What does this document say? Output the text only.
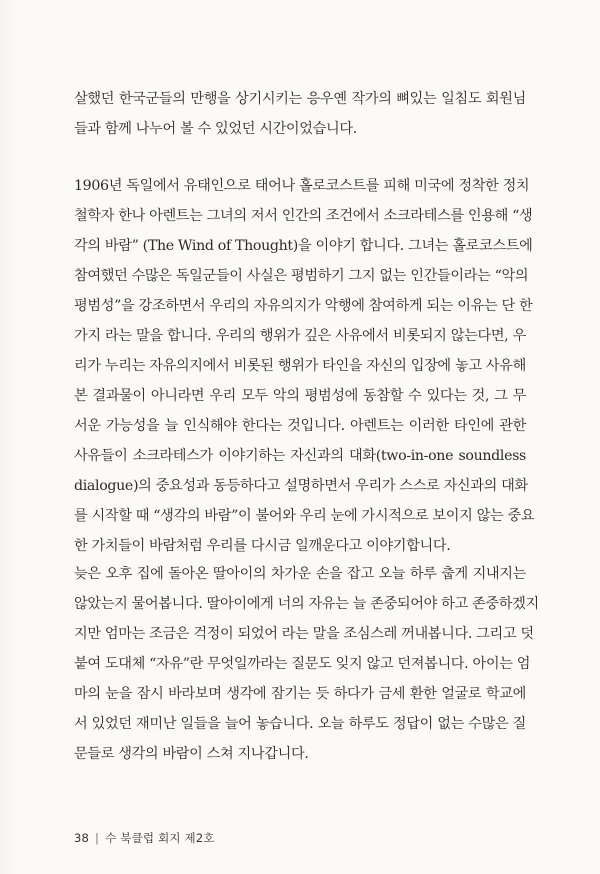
살했던 한국군들의 만행을 상기시키는 응우옌 작가의 뼈있는 일침도 회원님
들과 함께 나누어 볼 수 있었던 시간이었습니다.
1906년 독일에서 유태인으로 태어나 홀로코스트를 피해 미국에 정착한 정치
철학자 한나 아렌트는 그녀의 저서 인간의 조건에서 소크라테스를 인용해 “생
각의 바람” (The Wind of Thought)을 이야기 합니다. 그녀는 홀로코스트에
참여했던 수많은 독일군들이 사실은 평범하기 그지 없는 인간들이라는 “악의
평범성”을 강조하면서 우리의 자유의지가 악행에 참여하게 되는 이유는 단 한
가지 라는 말을 합니다. 우리의 행위가 깊은 사유에서 비롯되지 않는다면, 우
리가 누리는 자유의지에서 비롯된 행위가 타인을 자신의 입장에 놓고 사유해
본 결과물이 아니라면 우리 모두 악의 평범성에 동참할 수 있다는 것, 그 무
서운 가능성을 늘 인식해야 한다는 것입니다. 아렌트는 이러한 타인에 관한
사유들이 소크라테스가 이야기하는 자신과의 대화(two-in-one soundless
dialogue)의 중요성과 동등하다고 설명하면서 우리가 스스로 자신과의 대화
를 시작할 때 “생각의 바람”이 불어와 우리 눈에 가시적으로 보이지 않는 중요
한 가치들이 바람처럼 우리를 다시금 일깨운다고 이야기합니다.
늦은 오후 집에 돌아온 딸아이의 차가운 손을 잡고 오늘 하루 춥게 지내지는
않았는지 물어봅니다. 딸아이에게 너의 자유는 늘 존중되어야 하고 존중하겠지
지만 엄마는 조금은 걱정이 되었어 라는 말을 조심스레 꺼내봅니다. 그리고 덧
붙여 도대체 “자유”란 무엇일까라는 질문도 잊지 않고 던져봅니다. 아이는 엄
마의 눈을 잠시 바라보며 생각에 잠기는 듯 하다가 금세 환한 얼굴로 학교에
서 있었던 재미난 일들을 늘어 놓습니다. 오늘 하루도 정답이 없는 수많은 질
문들로 생각의 바람이 스쳐 지나갑니다.
38 | 수 북클럽 회지 제2호
